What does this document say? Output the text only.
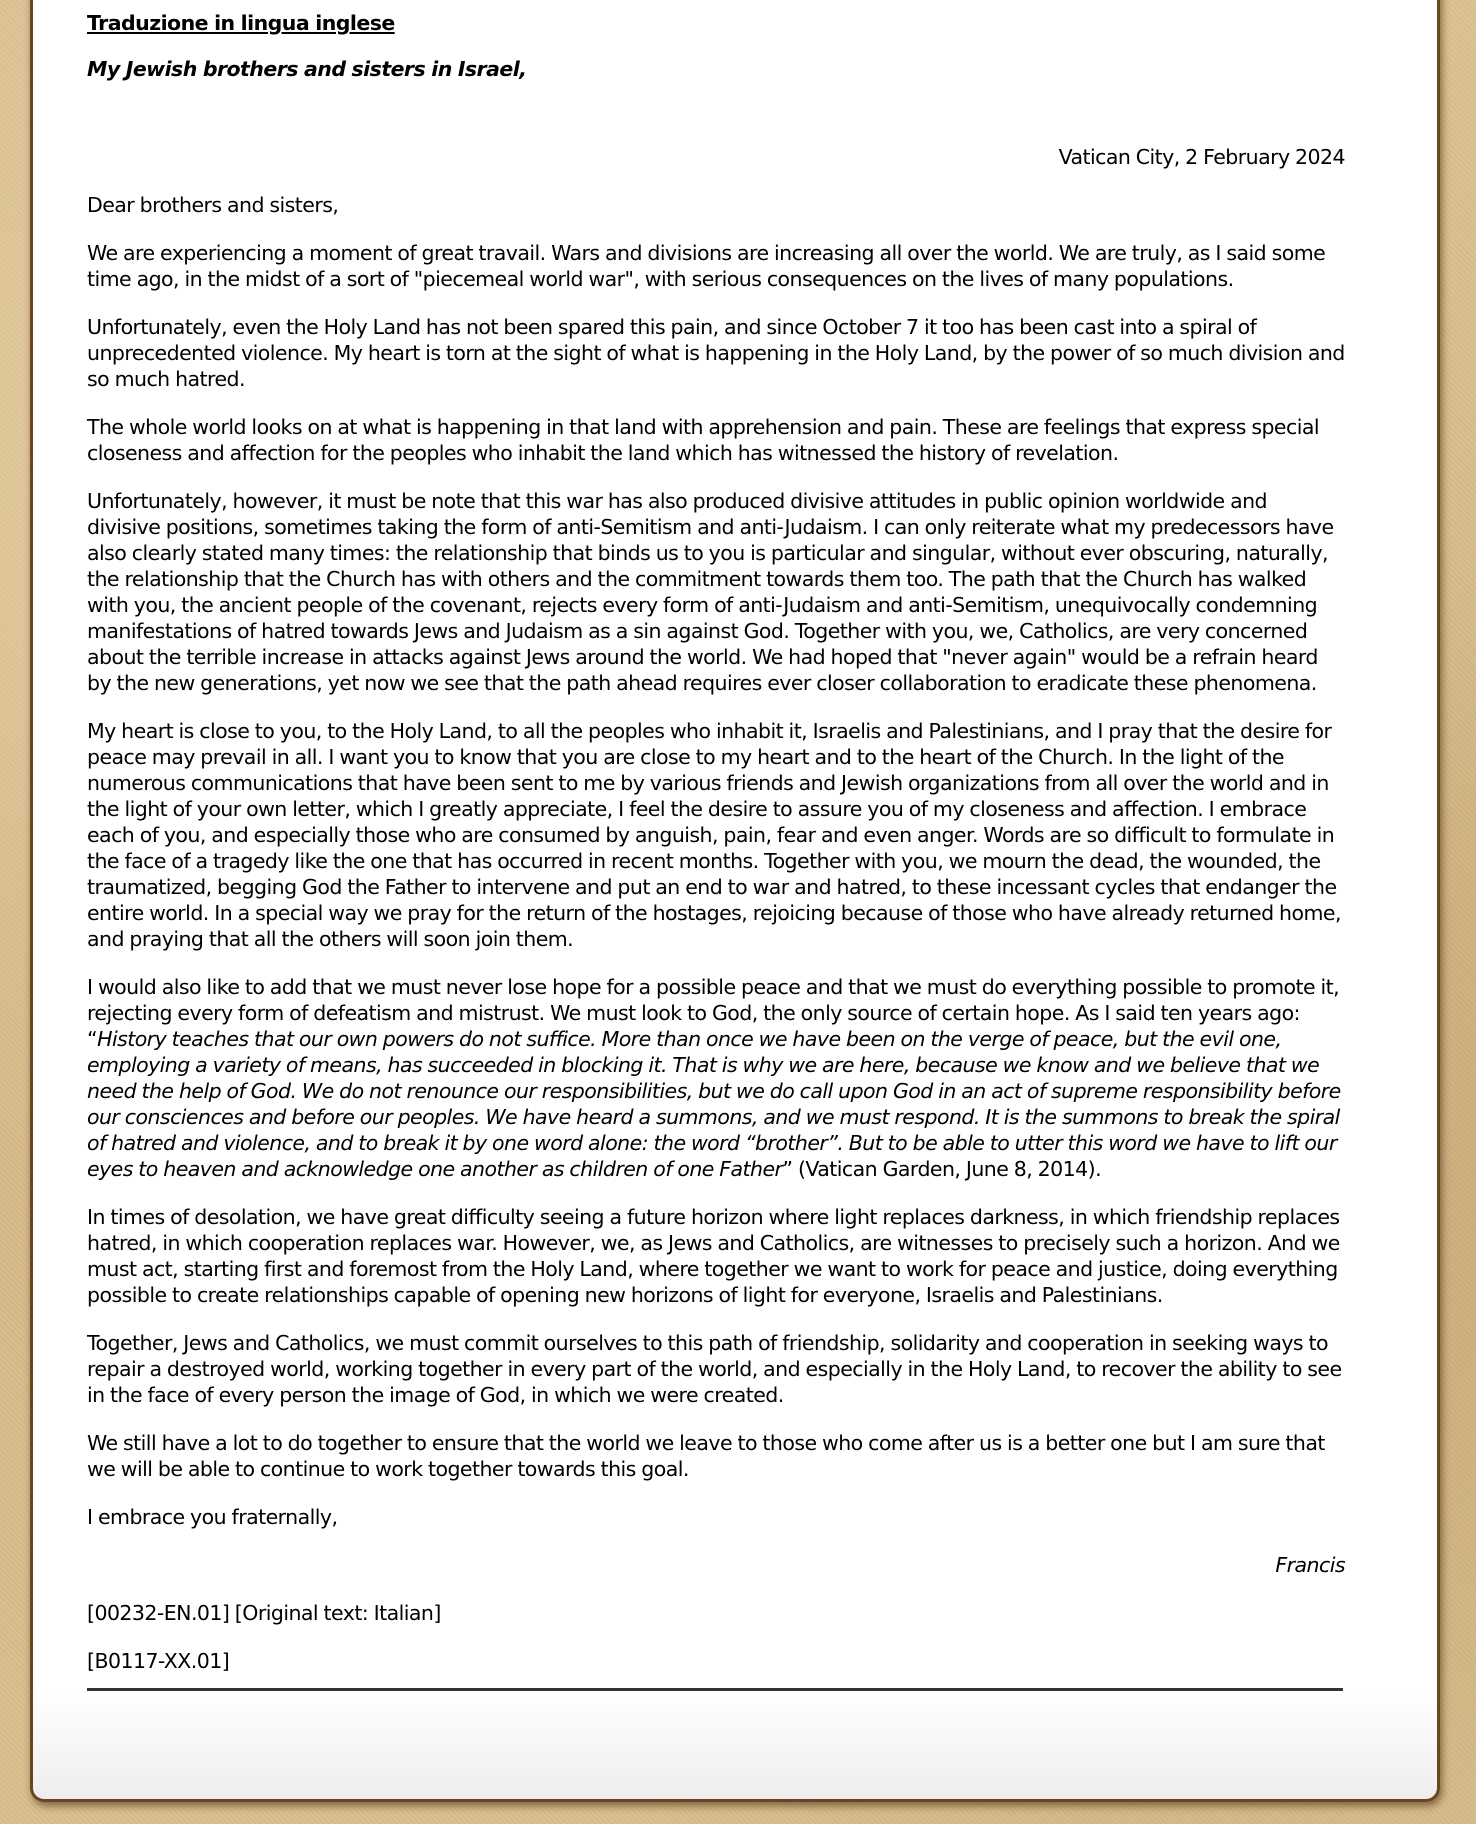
Traduzione in lingua inglese
My Jewish brothers and sisters in Israel,
Vatican City, 2 February 2024

Dear brothers and sisters,

We are experiencing a moment of great travail. Wars and divisions are increasing all over the world. We are truly, as I said some time ago, in the midst of a sort of "piecemeal world war", with serious consequences on the lives of many populations.

Unfortunately, even the Holy Land has not been spared this pain, and since October 7 it too has been cast into a spiral of unprecedented violence. My heart is torn at the sight of what is happening in the Holy Land, by the power of so much division and so much hatred.

The whole world looks on at what is happening in that land with apprehension and pain. These are feelings that express special closeness and affection for the peoples who inhabit the land which has witnessed the history of revelation.

Unfortunately, however, it must be note that this war has also produced divisive attitudes in public opinion worldwide and divisive positions, sometimes taking the form of anti-Semitism and anti-Judaism. I can only reiterate what my predecessors have also clearly stated many times: the relationship that binds us to you is particular and singular, without ever obscuring, naturally, the relationship that the Church has with others and the commitment towards them too. The path that the Church has walked with you, the ancient people of the covenant, rejects every form of anti-Judaism and anti-Semitism, unequivocally condemning manifestations of hatred towards Jews and Judaism as a sin against God. Together with you, we, Catholics, are very concerned about the terrible increase in attacks against Jews around the world. We had hoped that "never again" would be a refrain heard by the new generations, yet now we see that the path ahead requires ever closer collaboration to eradicate these phenomena.

My heart is close to you, to the Holy Land, to all the peoples who inhabit it, Israelis and Palestinians, and I pray that the desire for peace may prevail in all. I want you to know that you are close to my heart and to the heart of the Church. In the light of the numerous communications that have been sent to me by various friends and Jewish organizations from all over the world and in the light of your own letter, which I greatly appreciate, I feel the desire to assure you of my closeness and affection. I embrace each of you, and especially those who are consumed by anguish, pain, fear and even anger. Words are so difficult to formulate in the face of a tragedy like the one that has occurred in recent months. Together with you, we mourn the dead, the wounded, the traumatized, begging God the Father to intervene and put an end to war and hatred, to these incessant cycles that endanger the entire world. In a special way we pray for the return of the hostages, rejoicing because of those who have already returned home, and praying that all the others will soon join them.

I would also like to add that we must never lose hope for a possible peace and that we must do everything possible to promote it, rejecting every form of defeatism and mistrust. We must look to God, the only source of certain hope. As I said ten years ago: “History teaches that our own powers do not suffice. More than once we have been on the verge of peace, but the evil one, employing a variety of means, has succeeded in blocking it. That is why we are here, because we know and we believe that we need the help of God. We do not renounce our responsibilities, but we do call upon God in an act of supreme responsibility before our consciences and before our peoples. We have heard a summons, and we must respond. It is the summons to break the spiral of hatred and violence, and to break it by one word alone: the word “brother”. But to be able to utter this word we have to lift our eyes to heaven and acknowledge one another as children of one Father” (Vatican Garden, June 8, 2014).

In times of desolation, we have great difficulty seeing a future horizon where light replaces darkness, in which friendship replaces hatred, in which cooperation replaces war. However, we, as Jews and Catholics, are witnesses to precisely such a horizon. And we must act, starting first and foremost from the Holy Land, where together we want to work for peace and justice, doing everything possible to create relationships capable of opening new horizons of light for everyone, Israelis and Palestinians.

Together, Jews and Catholics, we must commit ourselves to this path of friendship, solidarity and cooperation in seeking ways to repair a destroyed world, working together in every part of the world, and especially in the Holy Land, to recover the ability to see in the face of every person the image of God, in which we were created.

We still have a lot to do together to ensure that the world we leave to those who come after us is a better one but I am sure that we will be able to continue to work together towards this goal.

I embrace you fraternally,

Francis

[00232-EN.01] [Original text: Italian]

[B0117-XX.01]
